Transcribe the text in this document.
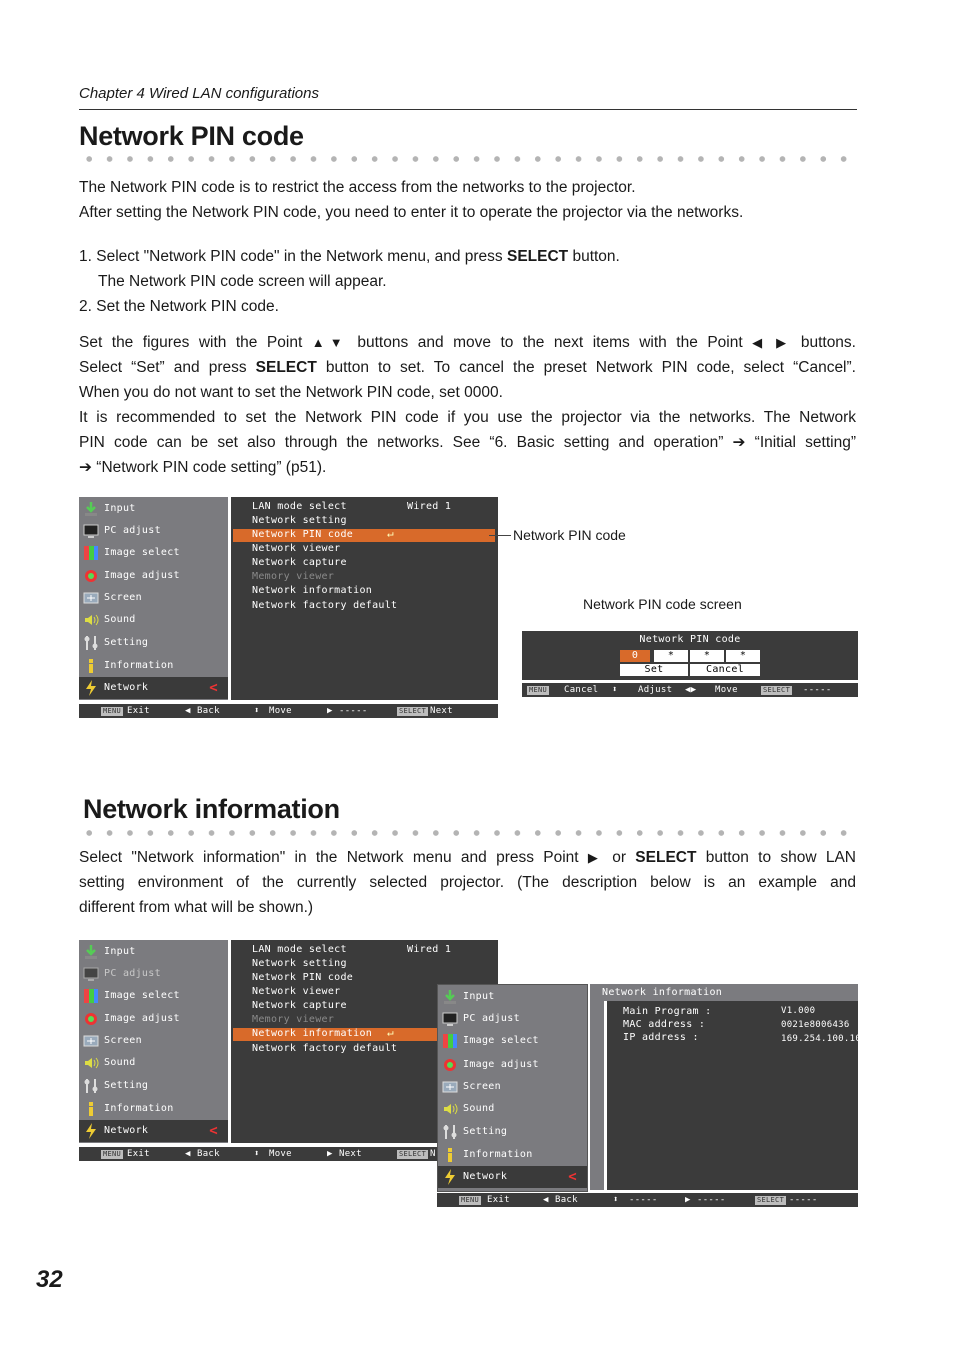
Chapter 4 Wired LAN configurations
Network PIN code

The Network PIN code is to restrict the access from the networks to the projector.

After setting the Network PIN code, you need to enter it to operate the projector via the networks.

1. Select "Network PIN code" in the Network menu, and press SELECT button.

The Network PIN code screen will appear.

2. Set the Network PIN code.

Set the figures with the Point ▲▼ buttons and move to the next items with the Point ◀ ▶ buttons.

Select “Set” and press SELECT button to set. To cancel the preset Network PIN code, select “Cancel”.

When you do not want to set the Network PIN code, set 0000.

It is recommended to set the Network PIN code if you use the projector via the networks. The Network

PIN code can be set also through the networks. See “6. Basic setting and operation” ➔ “Initial setting”

➔ “Network PIN code setting” (p51).

Input
PC adjust
Image select
Image adjust
Screen
Sound
Setting
Information
Network	<
LAN mode select	Wired 1
Network setting
Network PIN code	↵
Network viewer
Network capture
Memory viewer
Network information
Network factory default
MENU Exit	◀ Back	⬍ Move	▶ -----	SELECT Next
Network PIN code
Network PIN code screen
Network PIN code
0	*	*	*
Set	Cancel
MENU Cancel ⬍ Adjust ◀▶ Move	SELECT -----
Network information

Select "Network information" in the Network menu and press Point ▶ or SELECT button to show LAN

setting environment of the currently selected projector. (The description below is an example and

different from what will be shown.)

Input
PC adjust
Image select
Image adjust
Screen
Sound
Setting
Information
Network	<
LAN mode select	Wired 1
Network setting
Network PIN code
Network viewer
Network capture
Memory viewer
Network information ↵
Network factory default
MENU Exit	◀ Back	⬍ Move	▶ Next	SELECT N
Input
PC adjust
Image select
Image adjust
Screen
Sound
Setting
Information
Network	<
Network information
Main Program :	V1.000
MAC address :	0021e8006436
IP address :	169.254.100.100
MENU Exit	◀ Back	⬍ -----	▶ -----	SELECT -----
32
